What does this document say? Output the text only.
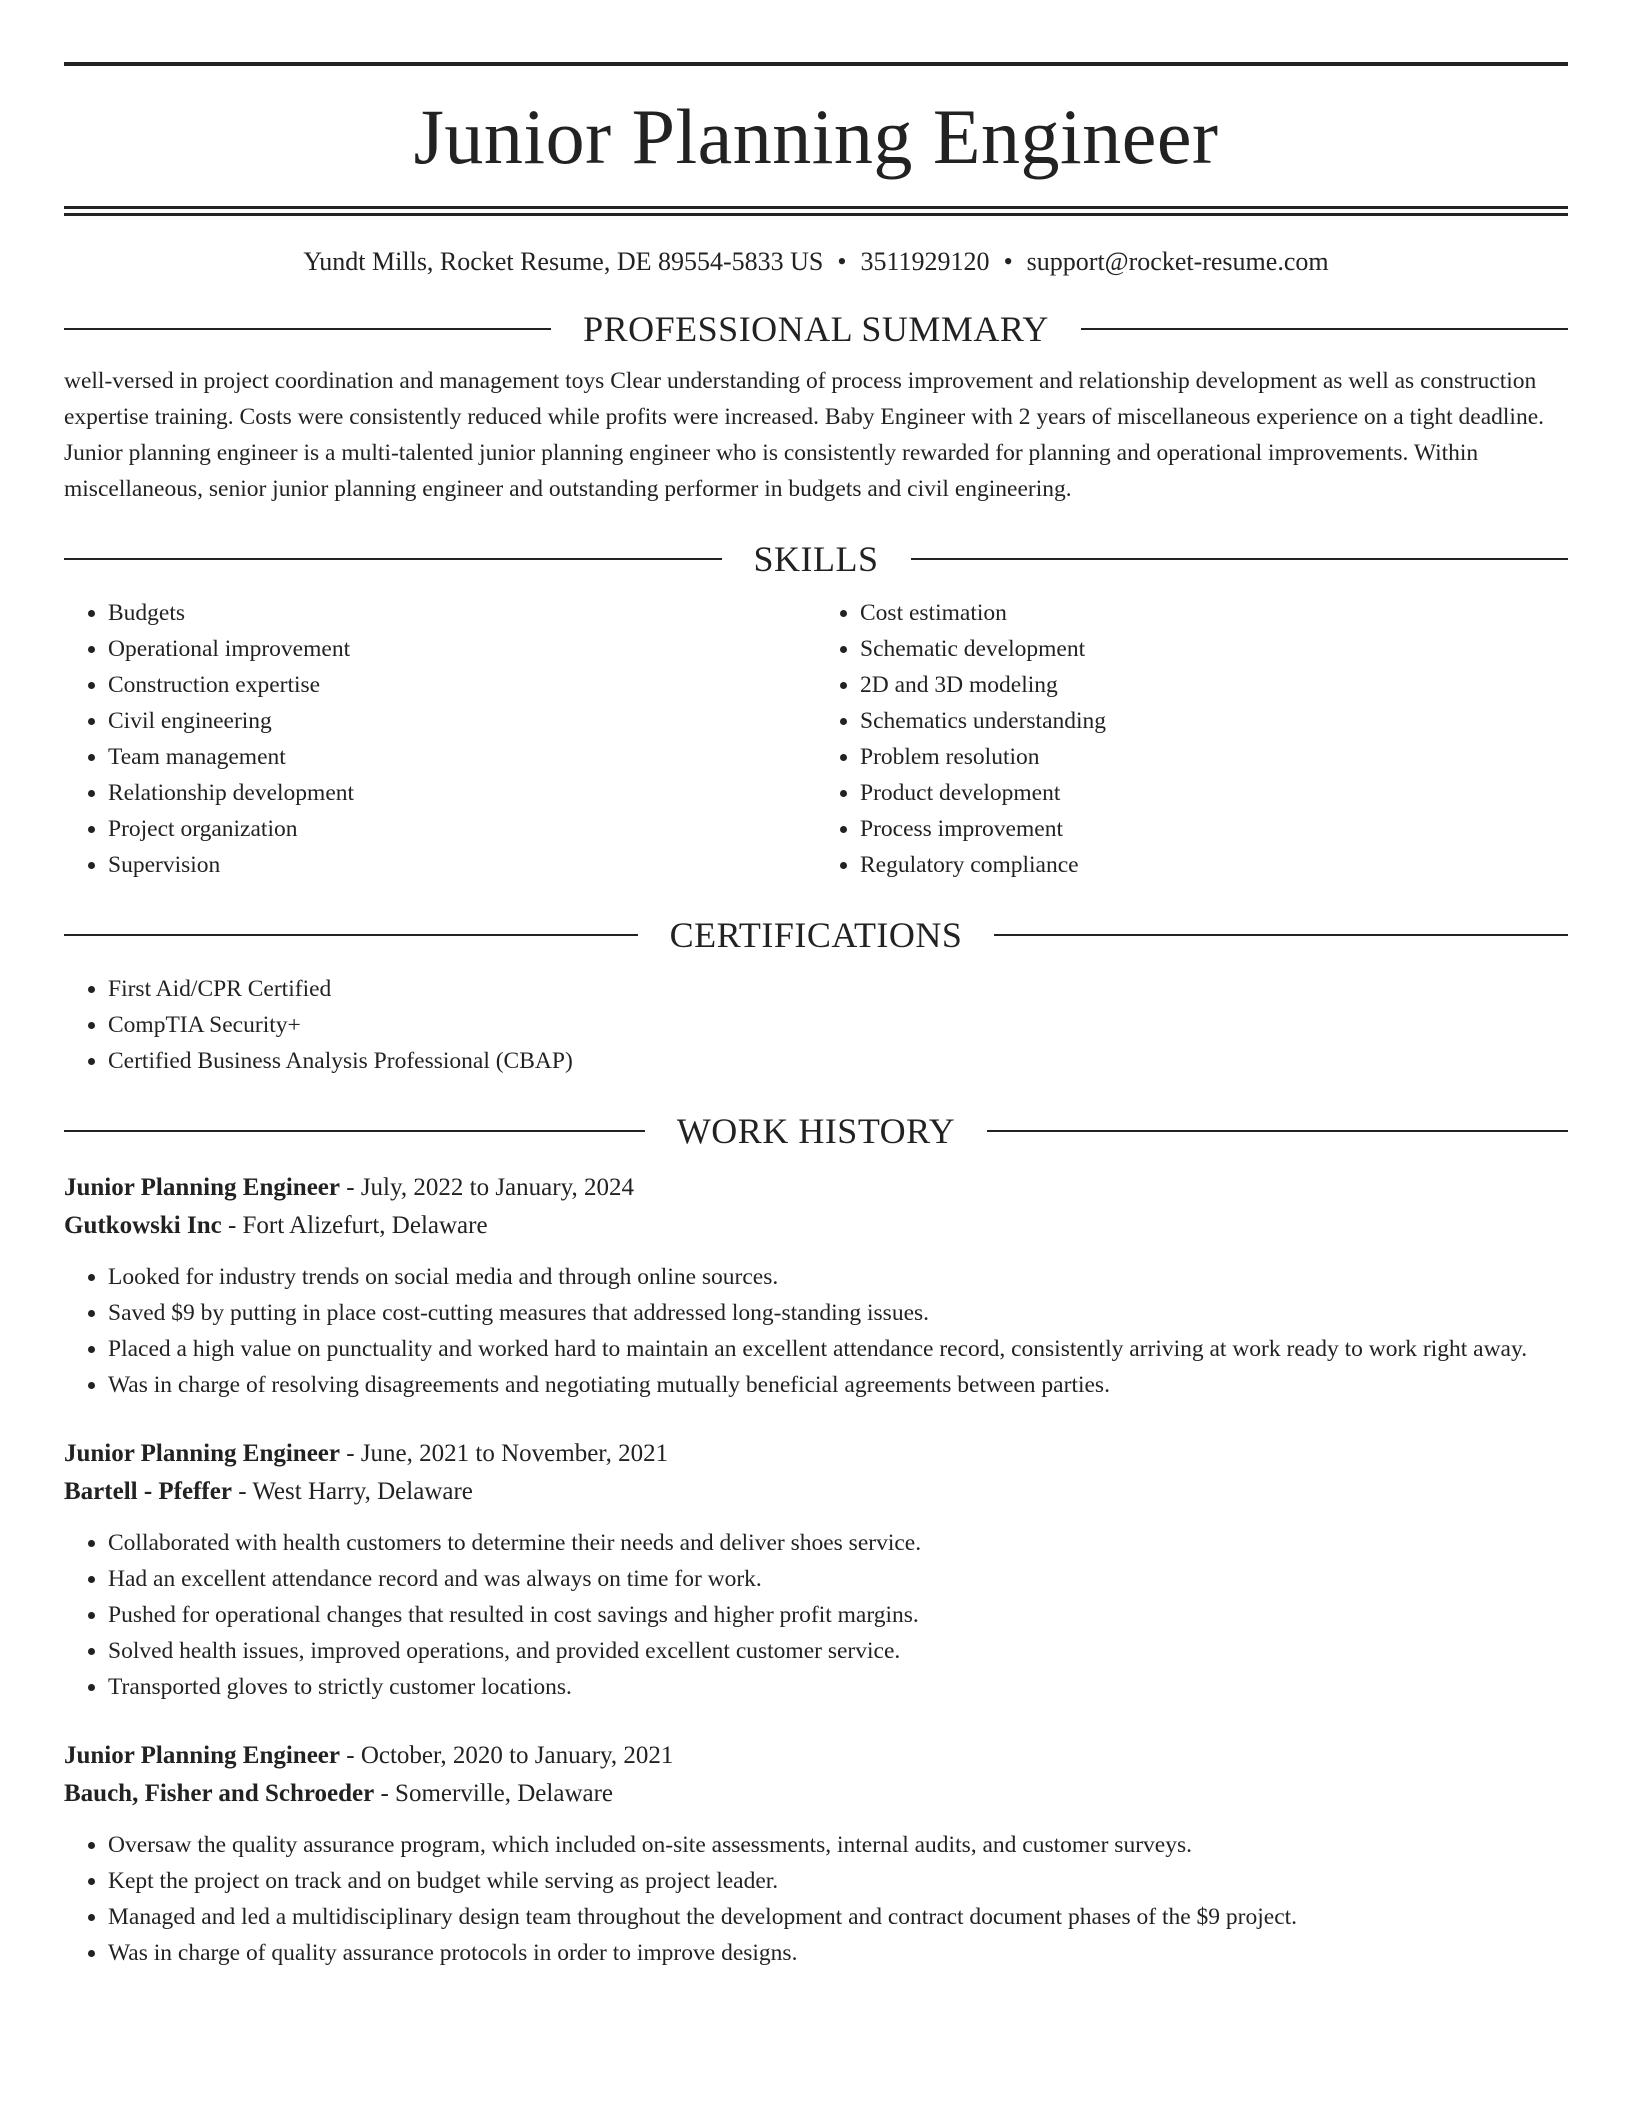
Junior Planning Engineer
Yundt Mills, Rocket Resume, DE 89554-5833 US • 3511929120 • support@rocket-resume.com
PROFESSIONAL SUMMARY

well-versed in project coordination and management toys Clear understanding of process improvement and relationship development as well as construction expertise training. Costs were consistently reduced while profits were increased. Baby Engineer with 2 years of miscellaneous experience on a tight deadline. Junior planning engineer is a multi-talented junior planning engineer who is consistently rewarded for planning and operational improvements. Within miscellaneous, senior junior planning engineer and outstanding performer in budgets and civil engineering.

SKILLS
• Budgets
• Operational improvement
• Construction expertise
• Civil engineering
• Team management
• Relationship development
• Project organization
• Supervision
• Cost estimation
• Schematic development
• 2D and 3D modeling
• Schematics understanding
• Problem resolution
• Product development
• Process improvement
• Regulatory compliance
CERTIFICATIONS
• First Aid/CPR Certified
• CompTIA Security+
• Certified Business Analysis Professional (CBAP)
WORK HISTORY
Junior Planning Engineer - July, 2022 to January, 2024
Gutkowski Inc - Fort Alizefurt, Delaware
• Looked for industry trends on social media and through online sources.
• Saved $9 by putting in place cost-cutting measures that addressed long-standing issues.
• Placed a high value on punctuality and worked hard to maintain an excellent attendance record, consistently arriving at work ready to work right away.
• Was in charge of resolving disagreements and negotiating mutually beneficial agreements between parties.
Junior Planning Engineer - June, 2021 to November, 2021
Bartell - Pfeffer - West Harry, Delaware
• Collaborated with health customers to determine their needs and deliver shoes service.
• Had an excellent attendance record and was always on time for work.
• Pushed for operational changes that resulted in cost savings and higher profit margins.
• Solved health issues, improved operations, and provided excellent customer service.
• Transported gloves to strictly customer locations.
Junior Planning Engineer - October, 2020 to January, 2021
Bauch, Fisher and Schroeder - Somerville, Delaware
• Oversaw the quality assurance program, which included on-site assessments, internal audits, and customer surveys.
• Kept the project on track and on budget while serving as project leader.
• Managed and led a multidisciplinary design team throughout the development and contract document phases of the $9 project.
• Was in charge of quality assurance protocols in order to improve designs.
